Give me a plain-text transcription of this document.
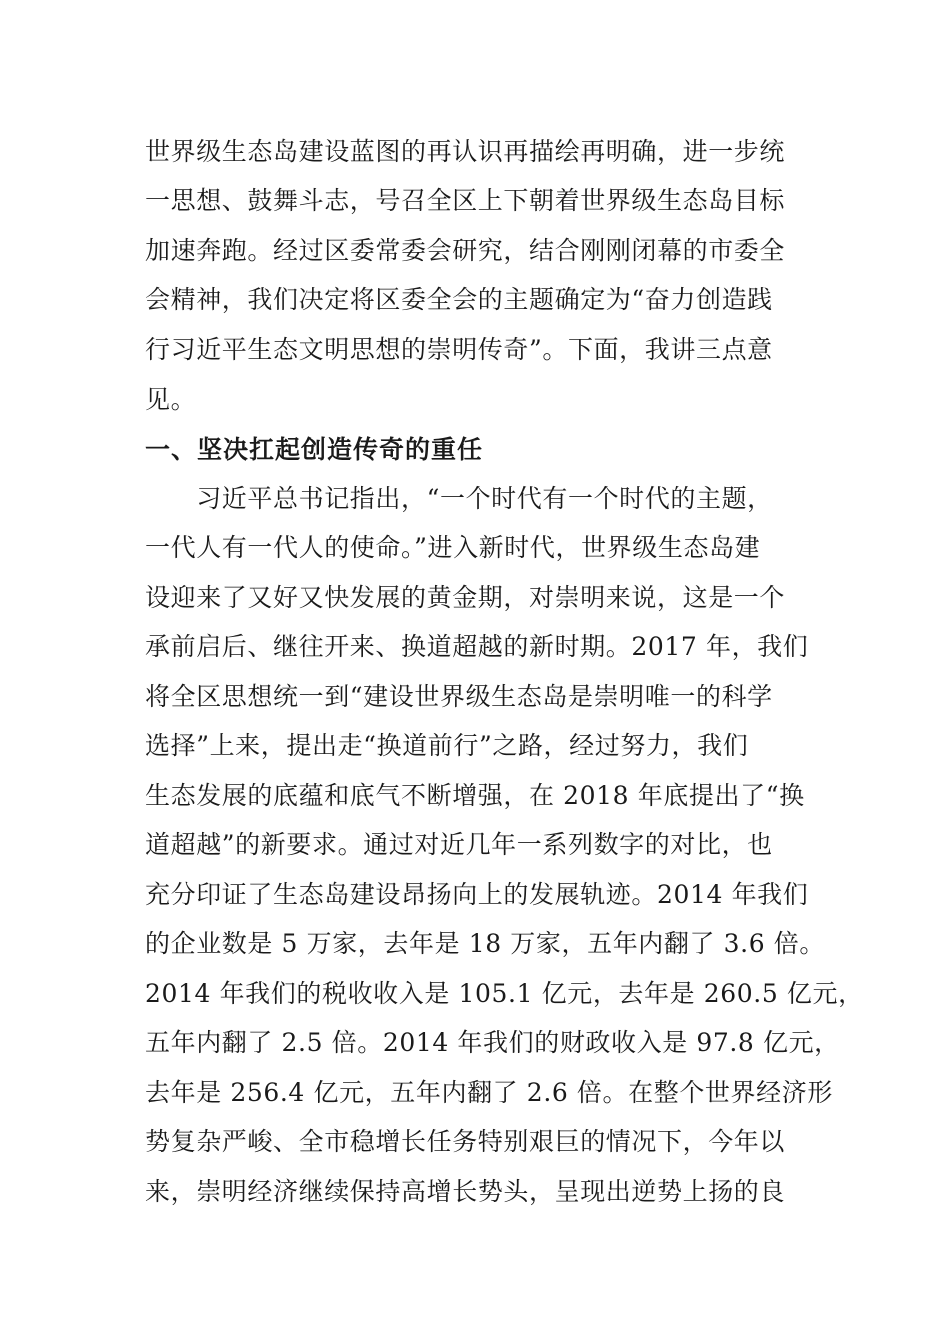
世界级生态岛建设蓝图的再认识再描绘再明确，进一步统
一思想、鼓舞斗志，号召全区上下朝着世界级生态岛目标
加速奔跑。经过区委常委会研究，结合刚刚闭幕的市委全
会精神，我们决定将区委全会的主题确定为“奋力创造践
行习近平生态文明思想的崇明传奇”。下面，我讲三点意
见。
一、坚决扛起创造传奇的重任
　　习近平总书记指出，“一个时代有一个时代的主题，
一代人有一代人的使命。”进入新时代，世界级生态岛建
设迎来了又好又快发展的黄金期，对崇明来说，这是一个
承前启后、继往开来、换道超越的新时期。2017 年，我们
将全区思想统一到“建设世界级生态岛是崇明唯一的科学
选择”上来，提出走“换道前行”之路，经过努力，我们
生态发展的底蕴和底气不断增强，在 2018 年底提出了“换
道超越”的新要求。通过对近几年一系列数字的对比，也
充分印证了生态岛建设昂扬向上的发展轨迹。2014 年我们
的企业数是 5 万家，去年是 18 万家，五年内翻了 3.6 倍。
2014 年我们的税收收入是 105.1 亿元，去年是 260.5 亿元，
五年内翻了 2.5 倍。2014 年我们的财政收入是 97.8 亿元，
去年是 256.4 亿元，五年内翻了 2.6 倍。在整个世界经济形
势复杂严峻、全市稳增长任务特别艰巨的情况下，今年以
来，崇明经济继续保持高增长势头，呈现出逆势上扬的良
